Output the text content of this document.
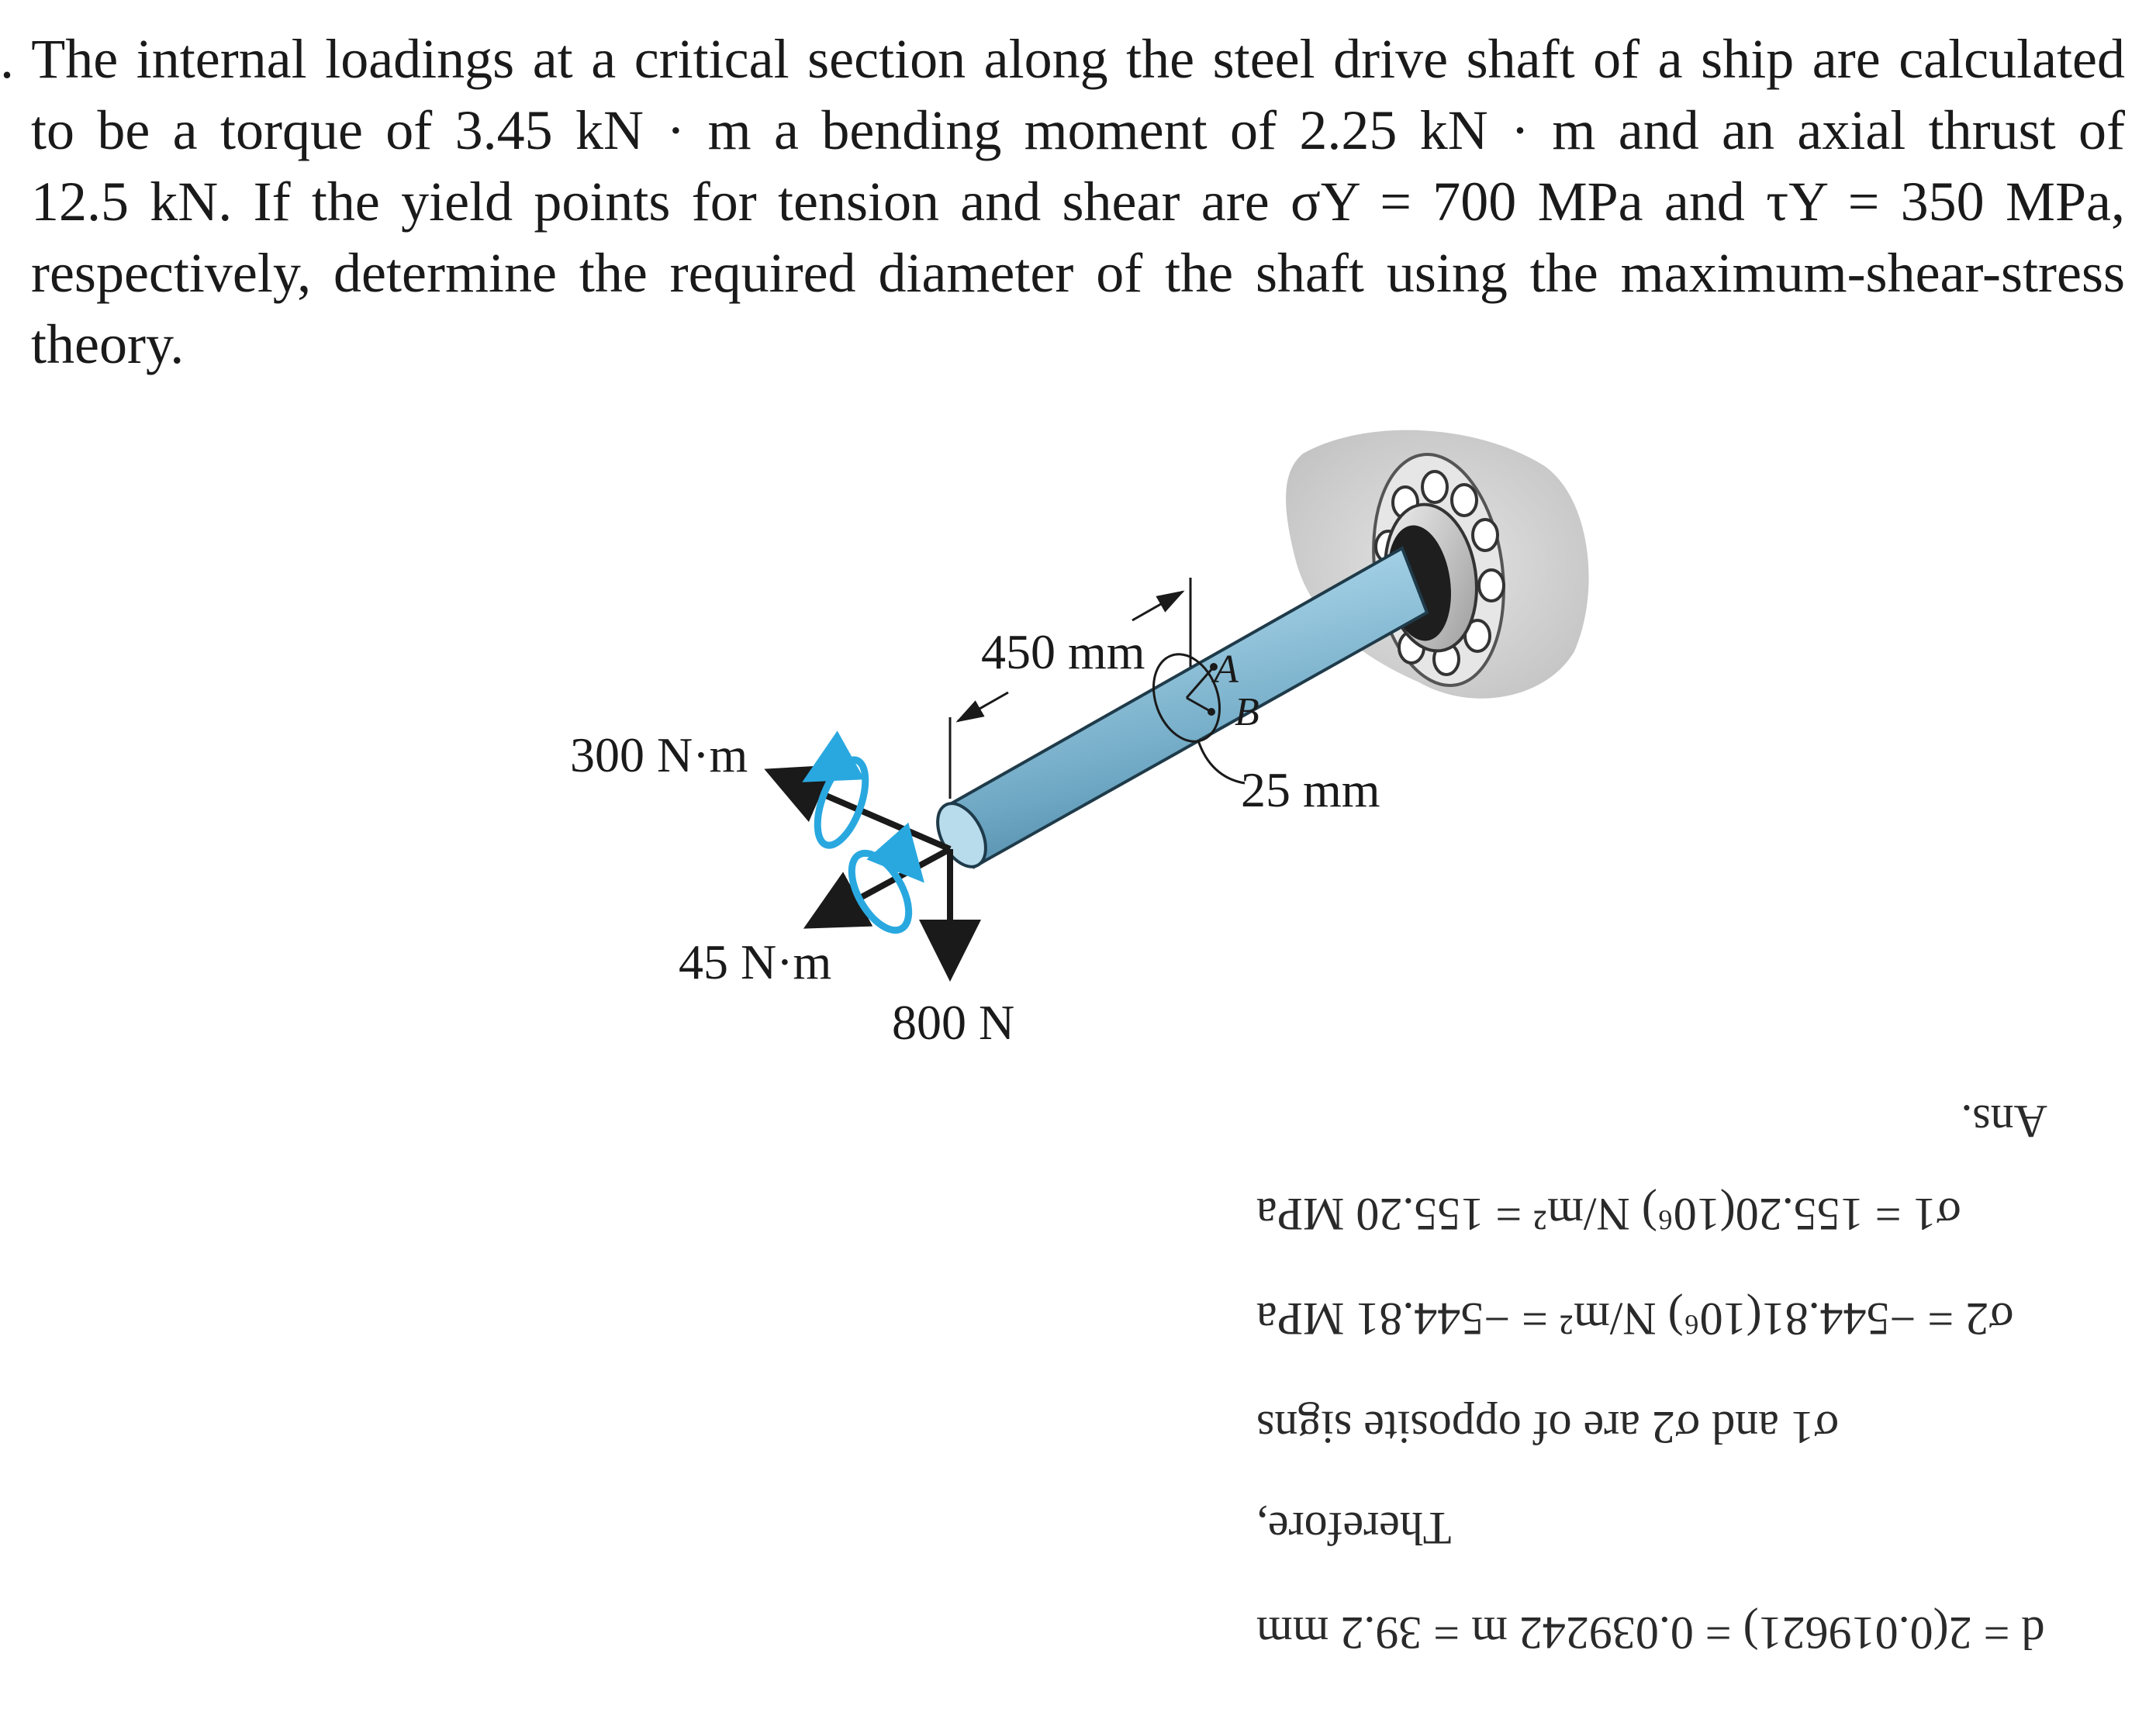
. The internal loadings at a critical section along the steel drive shaft of a ship are calculated
to be a torque of 3.45 kN · m a bending moment of 2.25 kN · m and an axial thrust of
12.5 kN. If the yield points for tension and shear are σY = 700 MPa and τY = 350 MPa,
respectively, determine the required diameter of the shaft using the maximum-shear-stress
theory.
A
B
25 mm
450 mm
300 N·m
45 N·m
800 N
d = 2(0.019621) = 0.039242 m = 39.2 mm
Therefore,
σ1 and σ2 are of opposite signs
σ2 = −544.81(10⁶) N/m² = −544.81 MPa
σ1 = 155.20(10⁶) N/m² = 155.20 MPa
Ans.
